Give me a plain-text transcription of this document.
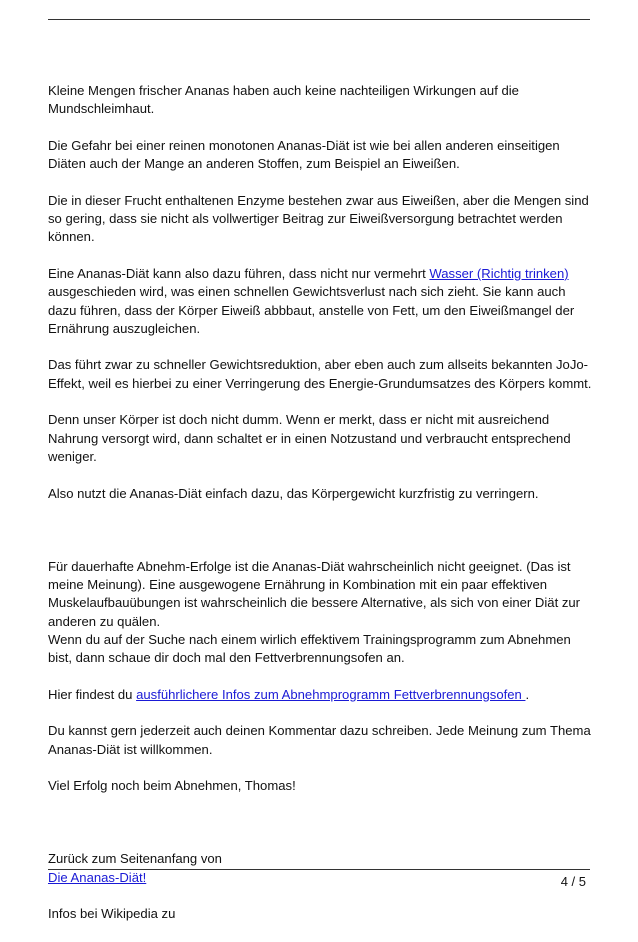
Kleine Mengen frischer Ananas haben auch keine nachteiligen Wirkungen auf die Mundschleimhaut.

Die Gefahr bei einer reinen monotonen Ananas-Diät ist wie bei allen anderen einseitigen Diäten auch der Mange an anderen Stoffen, zum Beispiel an Eiweißen.

Die in dieser Frucht enthaltenen Enzyme bestehen zwar aus Eiweißen, aber die Mengen sind so gering, dass sie nicht als vollwertiger Beitrag zur Eiweißversorgung betrachtet werden können.

Eine Ananas-Diät kann also dazu führen, dass nicht nur vermehrt Wasser (Richtig trinken) ausgeschieden wird, was einen schnellen Gewichtsverlust nach sich zieht. Sie kann auch dazu führen, dass der Körper Eiweiß abbbaut, anstelle von Fett, um den Eiweißmangel der Ernährung auszugleichen.

Das führt zwar zu schneller Gewichtsreduktion, aber eben auch zum allseits bekannten JoJo-Effekt, weil es hierbei zu einer Verringerung des Energie-Grundumsatzes des Körpers kommt.

Denn unser Körper ist doch nicht dumm. Wenn er merkt, dass er nicht mit ausreichend Nahrung versorgt wird, dann schaltet er in einen Notzustand und verbraucht entsprechend weniger.

Also nutzt die Ananas-Diät einfach dazu, das Körpergewicht kurzfristig zu verringern.

Für dauerhafte Abnehm-Erfolge ist die Ananas-Diät wahrscheinlich nicht geeignet. (Das ist meine Meinung). Eine ausgewogene Ernährung in Kombination mit ein paar effektiven Muskelaufbauübungen ist wahrscheinlich die bessere Alternative, als sich von einer Diät zur anderen zu quälen.

Wenn du auf der Suche nach einem wirlich effektivem Trainingsprogramm zum Abnehmen bist, dann schaue dir doch mal den Fettverbrennungsofen an.

Hier findest du ausführlichere Infos zum Abnehmprogramm Fettverbrennungsofen .

Du kannst gern jederzeit auch deinen Kommentar dazu schreiben. Jede Meinung zum Thema Ananas-Diät ist willkommen.

Viel Erfolg noch beim Abnehmen, Thomas!

Zurück zum Seitenanfang von
Die Ananas-Diät!

Infos bei Wikipedia zu

4 / 5
